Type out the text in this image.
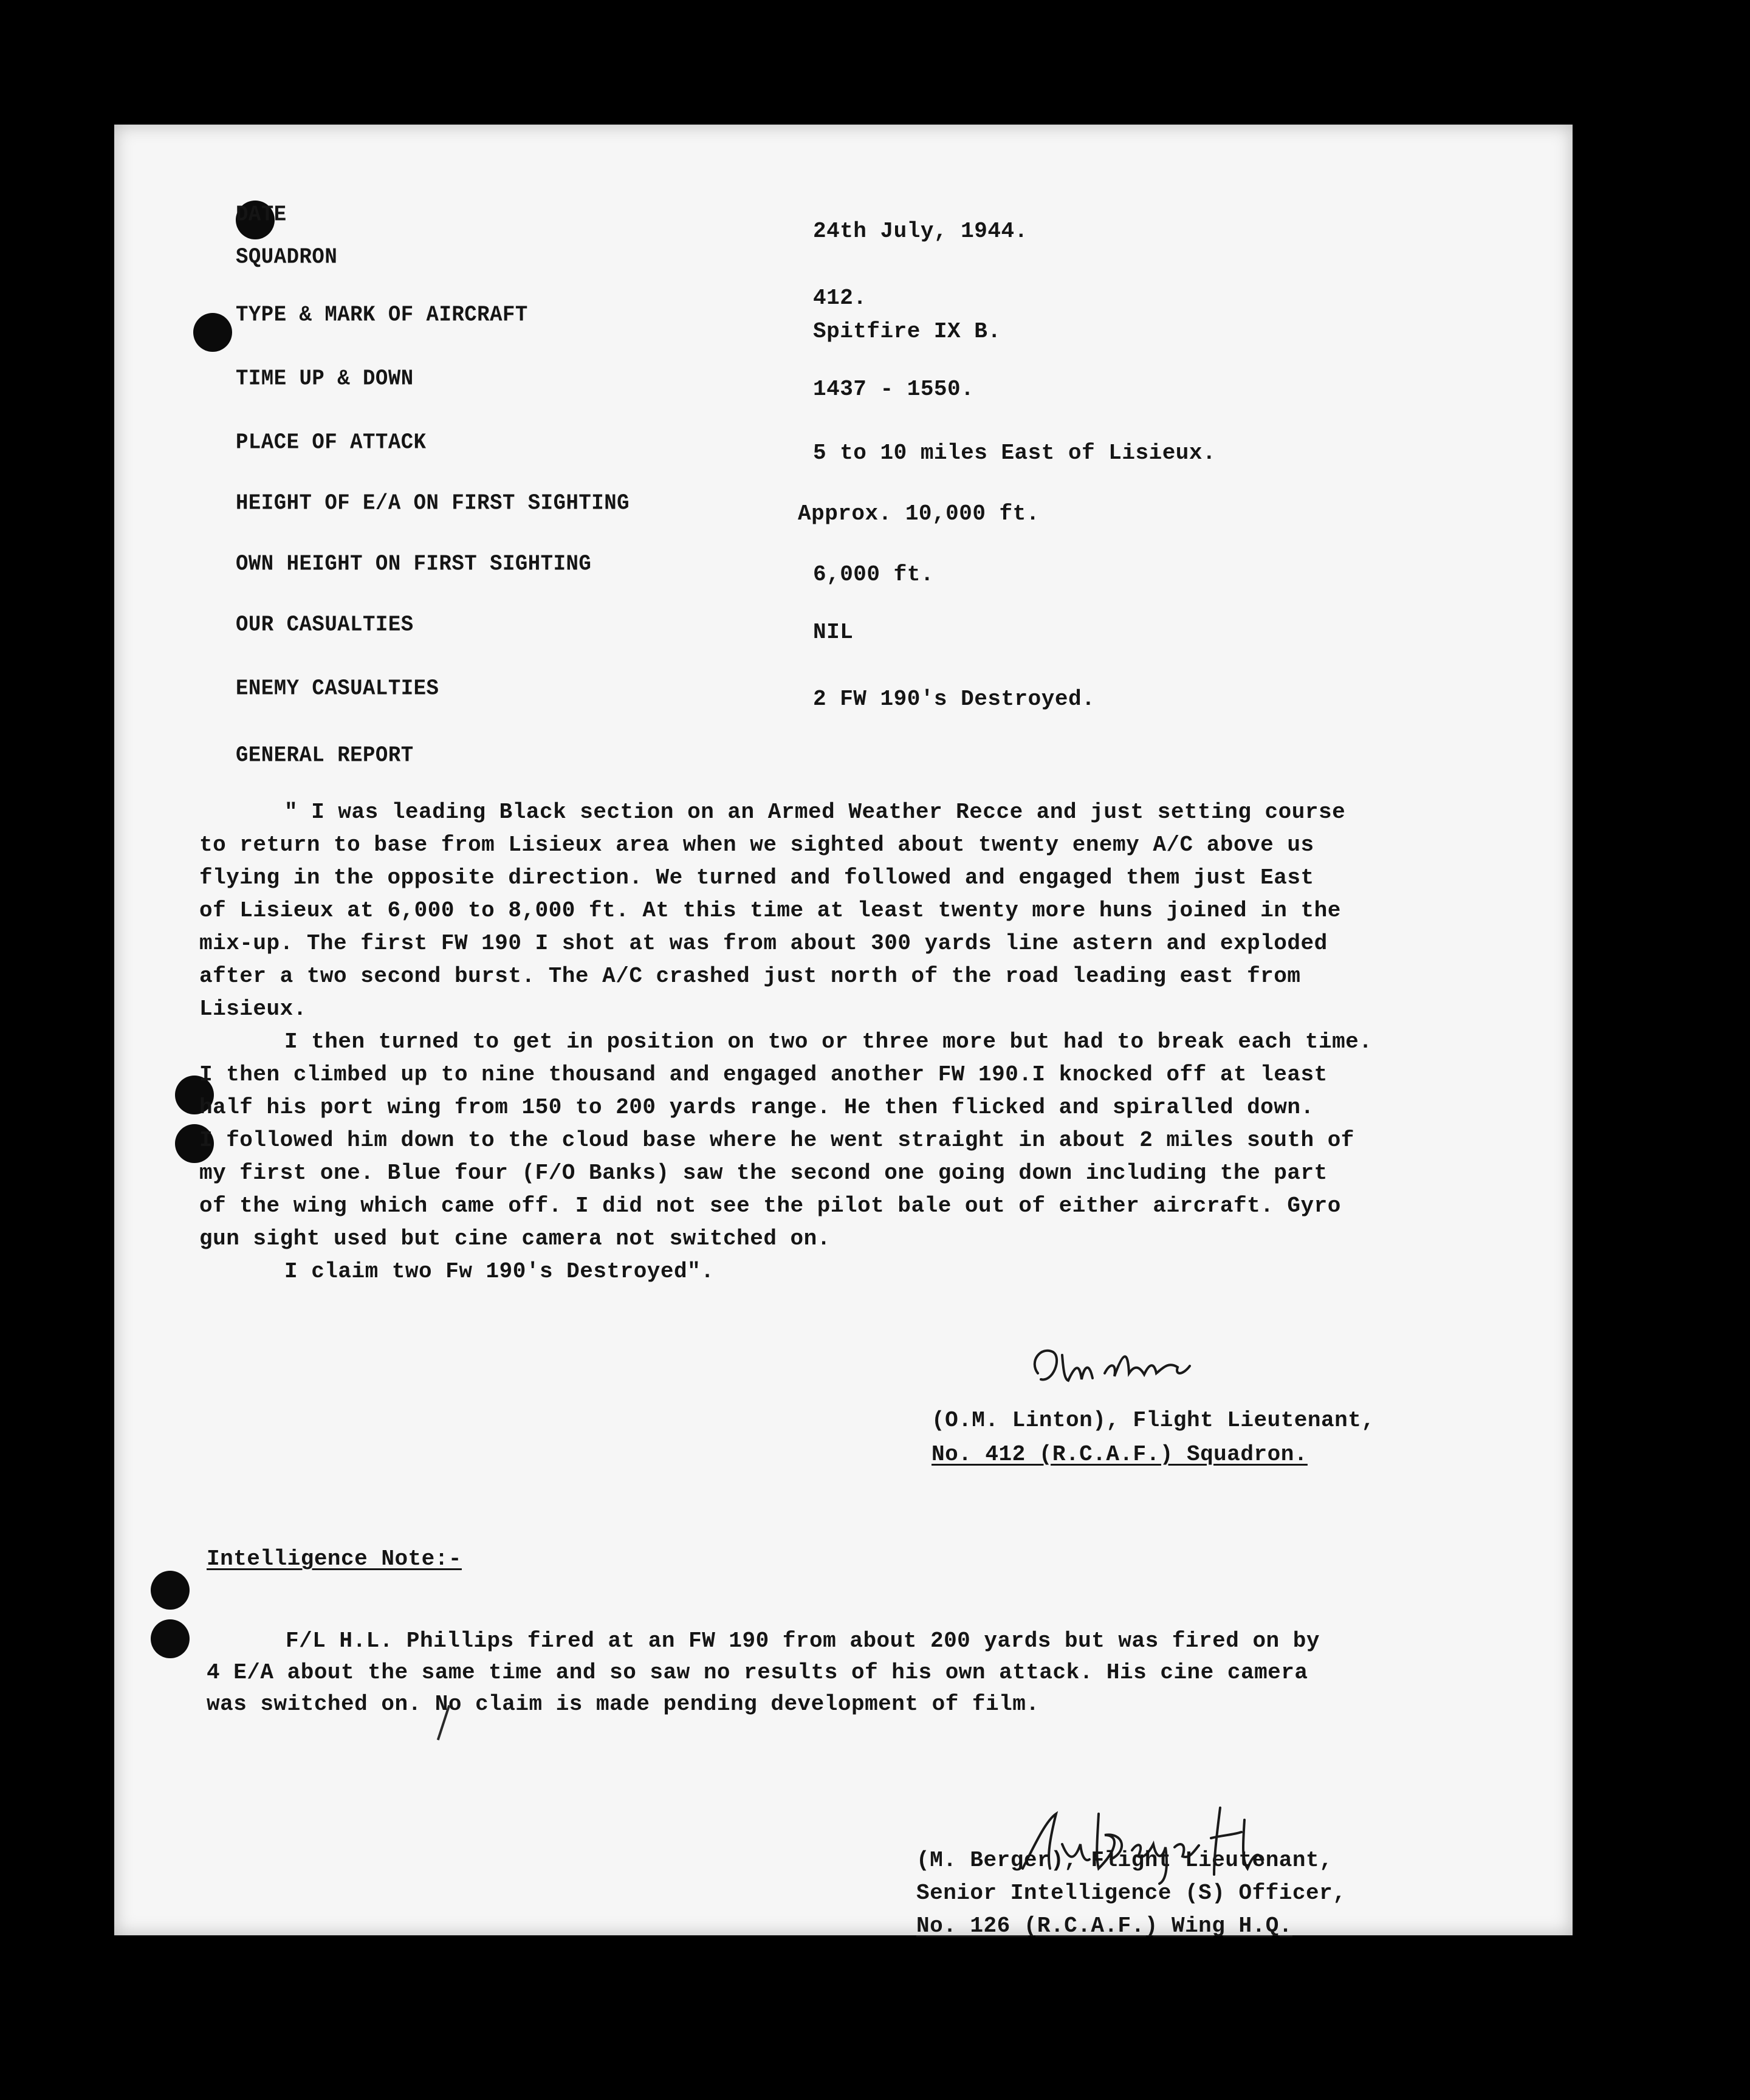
DATE
SQUADRON
TYPE & MARK OF AIRCRAFT
TIME UP & DOWN
PLACE OF ATTACK
HEIGHT OF E/A ON FIRST SIGHTING
OWN HEIGHT ON FIRST SIGHTING
OUR CASUALTIES
ENEMY CASUALTIES
GENERAL REPORT
24th July, 1944.
412.
Spitfire IX B.
1437 - 1550.
5 to 10 miles East of Lisieux.
Approx. 10,000 ft.
6,000 ft.
NIL
2 FW 190's Destroyed.

" I was leading Black section on an Armed Weather Recce and just setting course

to return to base from Lisieux area when we sighted about twenty enemy A/C above us

flying in the opposite direction. We turned and followed and engaged them just East

of Lisieux at 6,000 to 8,000 ft. At this time at least twenty more huns joined in the

mix-up. The first FW 190 I shot at was from about 300 yards line astern and exploded

after a two second burst. The A/C crashed just north of the road leading east from

Lisieux.

I then turned to get in position on two or three more but had to break each time.

I then climbed up to nine thousand and engaged another FW 190.I knocked off at least

half his port wing from 150 to 200 yards range. He then flicked and spiralled down.

I followed him down to the cloud base where he went straight in about 2 miles south of

my first one. Blue four (F/O Banks) saw the second one going down including the part

of the wing which came off. I did not see the pilot bale out of either aircraft. Gyro

gun sight used but cine camera not switched on.

I claim two Fw 190's Destroyed".

(O.M. Linton), Flight Lieutenant,
No. 412 (R.C.A.F.) Squadron.
Intelligence Note:-

F/L H.L. Phillips fired at an FW 190 from about 200 yards but was fired on by

4 E/A about the same time and so saw no results of his own attack. His cine camera

was switched on. No claim is made pending development of film.

(M. Berger), Flight Lieutenant,
Senior Intelligence (S) Officer,
No. 126 (R.C.A.F.) Wing H.Q.
